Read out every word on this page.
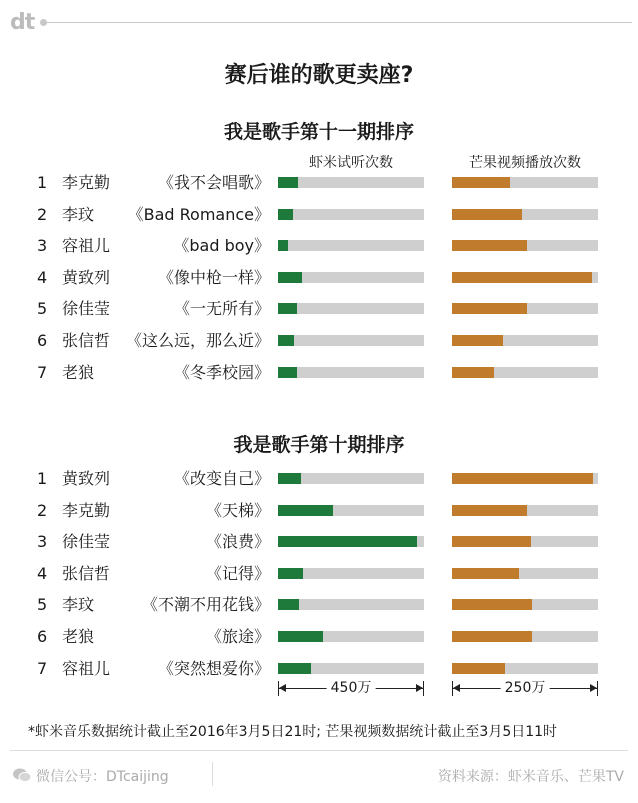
dt
赛后谁的歌更卖座?
我是歌手第十一期排序
虾米试听次数	芒果视频播放次数
1 李克勤	《我不会唱歌》
2 李玟 《Bad Romance》
3 容祖儿	《bad boy》
4 黄致列	《像中枪一样》
5 徐佳莹	《一无所有》
6 张信哲 《这么远，那么近》
7 老狼	《冬季校园》
我是歌手第十期排序
1 黄致列	《改变自己》
2 李克勤	《天梯》
3 徐佳莹	《浪费》
4 张信哲	《记得》
5 李玟	《不潮不用花钱》
6 老狼	《旅途》
7 容祖儿	《突然想爱你》
450万	250万
*虾米音乐数据统计截止至2016年3月5日21时; 芒果视频数据统计截止至3月5日11时
微信公号：DTcaijing	资料来源：虾米音乐、芒果TV
